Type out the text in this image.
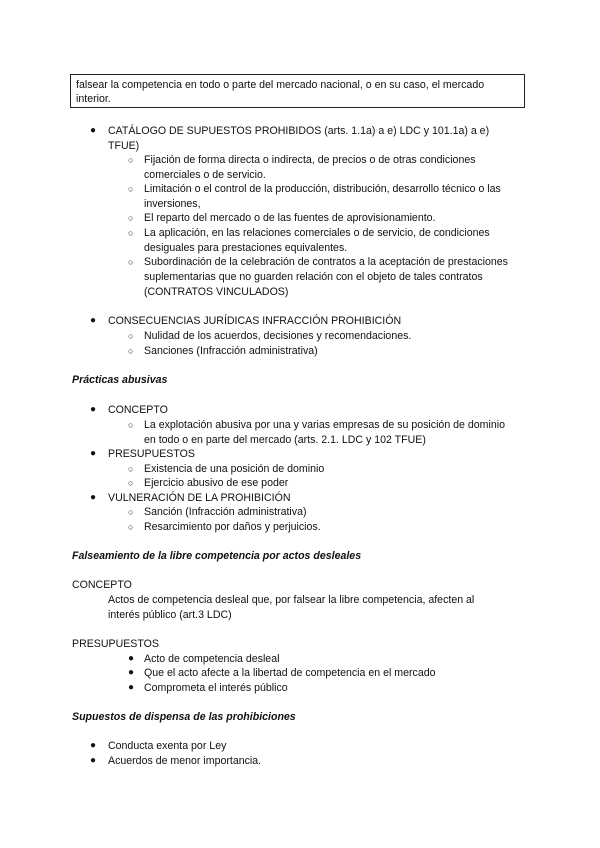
falsear la competencia en todo o parte del mercado nacional, o en su caso, el mercado interior.
● CATÁLOGO DE SUPUESTOS PROHIBIDOS (arts. 1.1a) a e) LDC y 101.1a) a e)
TFUE)
○ Fijación de forma directa o indirecta, de precios o de otras condiciones
comerciales o de servicio.
○ Limitación o el control de la producción, distribución, desarrollo técnico o las
inversiones,
○ El reparto del mercado o de las fuentes de aprovisionamiento.
○ La aplicación, en las relaciones comerciales o de servicio, de condiciones
desiguales para prestaciones equivalentes.
○ Subordinación de la celebración de contratos a la aceptación de prestaciones
suplementarias que no guarden relación con el objeto de tales contratos
(CONTRATOS VINCULADOS)
● CONSECUENCIAS JURÍDICAS INFRACCIÓN PROHIBICIÓN
○ Nulidad de los acuerdos, decisiones y recomendaciones.
○ Sanciones (Infracción administrativa)
Prácticas abusivas
● CONCEPTO
○ La explotación abusiva por una y varias empresas de su posición de dominio
en todo o en parte del mercado (arts. 2.1. LDC y 102 TFUE)
● PRESUPUESTOS
○ Existencia de una posición de dominio
○ Ejercicio abusivo de ese poder
● VULNERACIÓN DE LA PROHIBICIÓN
○ Sanción (Infracción administrativa)
○ Resarcimiento por daños y perjuicios.
Falseamiento de la libre competencia por actos desleales
CONCEPTO
Actos de competencia desleal que, por falsear la libre competencia, afecten al
interés público (art.3 LDC)
PRESUPUESTOS
● Acto de competencia desleal
● Que el acto afecte a la libertad de competencia en el mercado
● Comprometa el interés público
Supuestos de dispensa de las prohibiciones
● Conducta exenta por Ley
● Acuerdos de menor importancia.
